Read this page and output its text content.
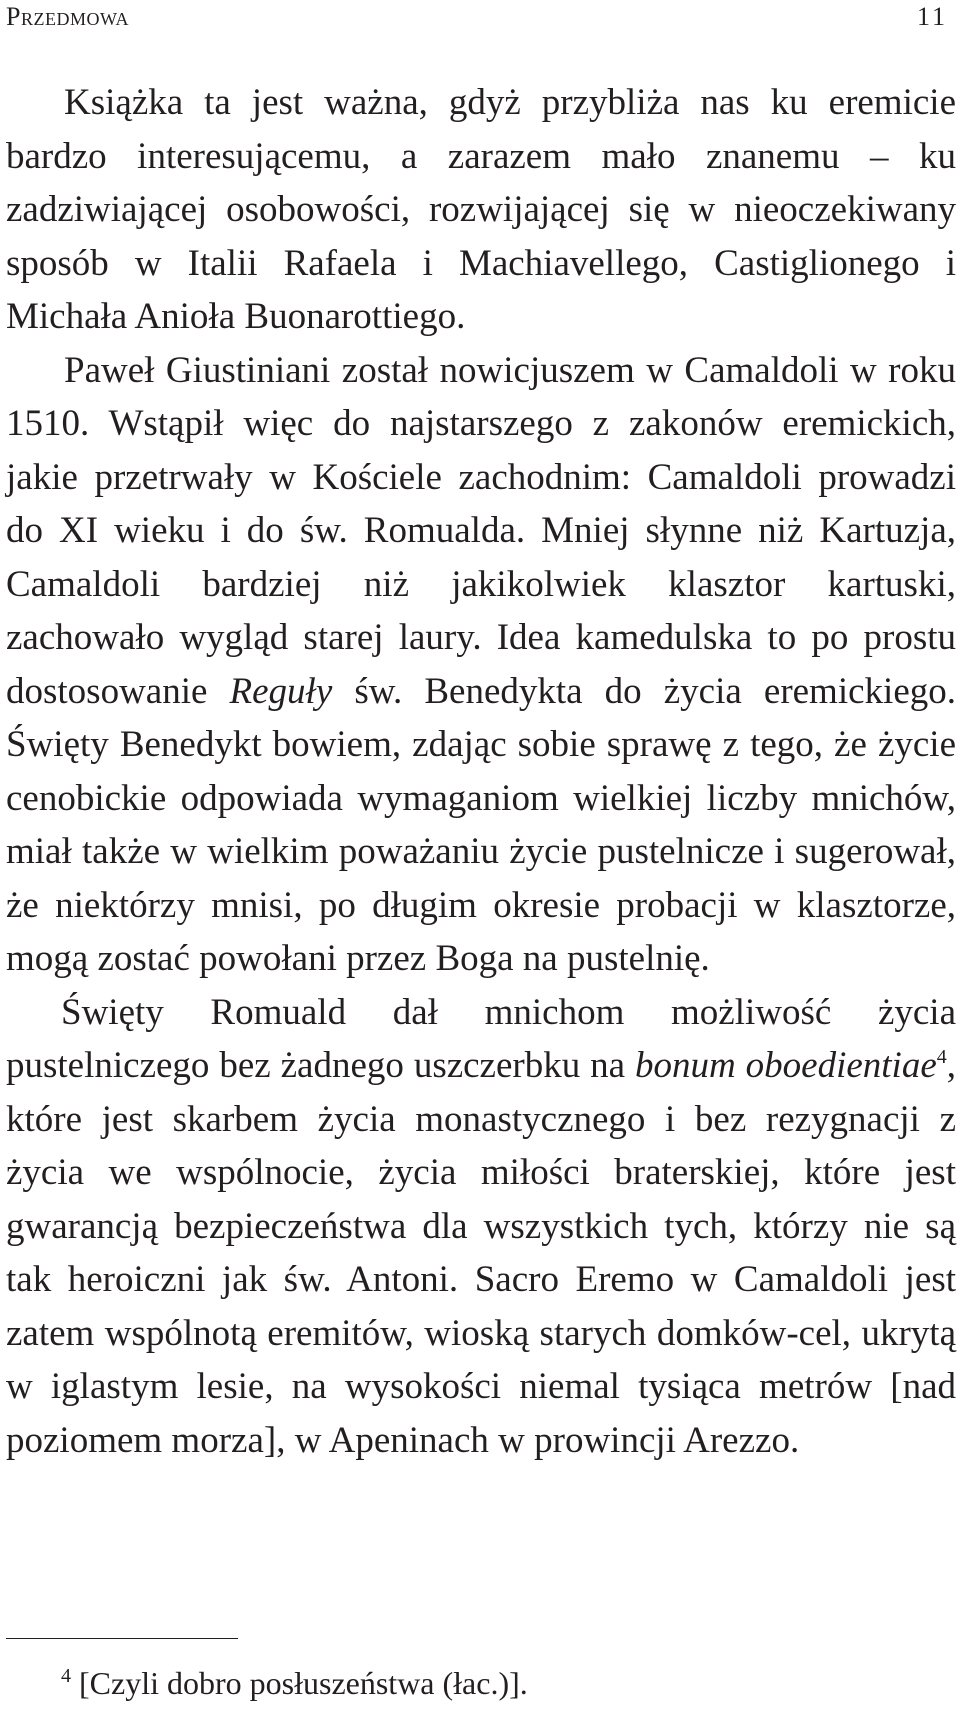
Przedmowa	11

Książka ta jest ważna, gdyż przybliża nas ku eremicie bardzo interesującemu, a zarazem mało znanemu – ku zadziwiającej osobowości, rozwijającej się w nieoczekiwany sposób w Italii Rafaela i Machiavellego, Castiglionego i Michała Anioła Buonarottiego.

Paweł Giustiniani został nowicjuszem w Camaldoli w roku 1510. Wstąpił więc do najstarszego z zakonów eremickich, jakie przetrwały w Kościele zachodnim: Camaldoli prowadzi do XI wieku i do św. Romualda. Mniej słynne niż Kartuzja, Camaldoli bardziej niż jakikolwiek klasztor kartuski, zachowało wygląd starej laury. Idea kamedulska to po prostu dostosowanie Reguły św. Benedykta do życia eremickiego. Święty Benedykt bowiem, zdając sobie sprawę z tego, że życie cenobickie odpowiada wymaganiom wielkiej liczby mnichów, miał także w wielkim poważaniu życie pustelnicze i sugerował, że niektórzy mnisi, po długim okresie probacji w klasztorze, mogą zostać powołani przez Boga na pustelnię.

Święty Romuald dał mnichom możliwość życia pustelniczego bez żadnego uszczerbku na bonum oboedientiae$^4$, które jest skarbem życia monastycznego i bez rezygnacji z życia we wspólnocie, życia miłości braterskiej, które jest gwarancją bezpieczeństwa dla wszystkich tych, którzy nie są tak heroiczni jak św. Antoni. Sacro Eremo w Camaldoli jest zatem wspólnotą eremitów, wioską starych domków-cel, ukrytą w iglastym lesie, na wysokości niemal tysiąca metrów [nad poziomem morza], w Apeninach w prowincji Arezzo.

$^4$ [Czyli dobro posłuszeństwa (łac.)].
